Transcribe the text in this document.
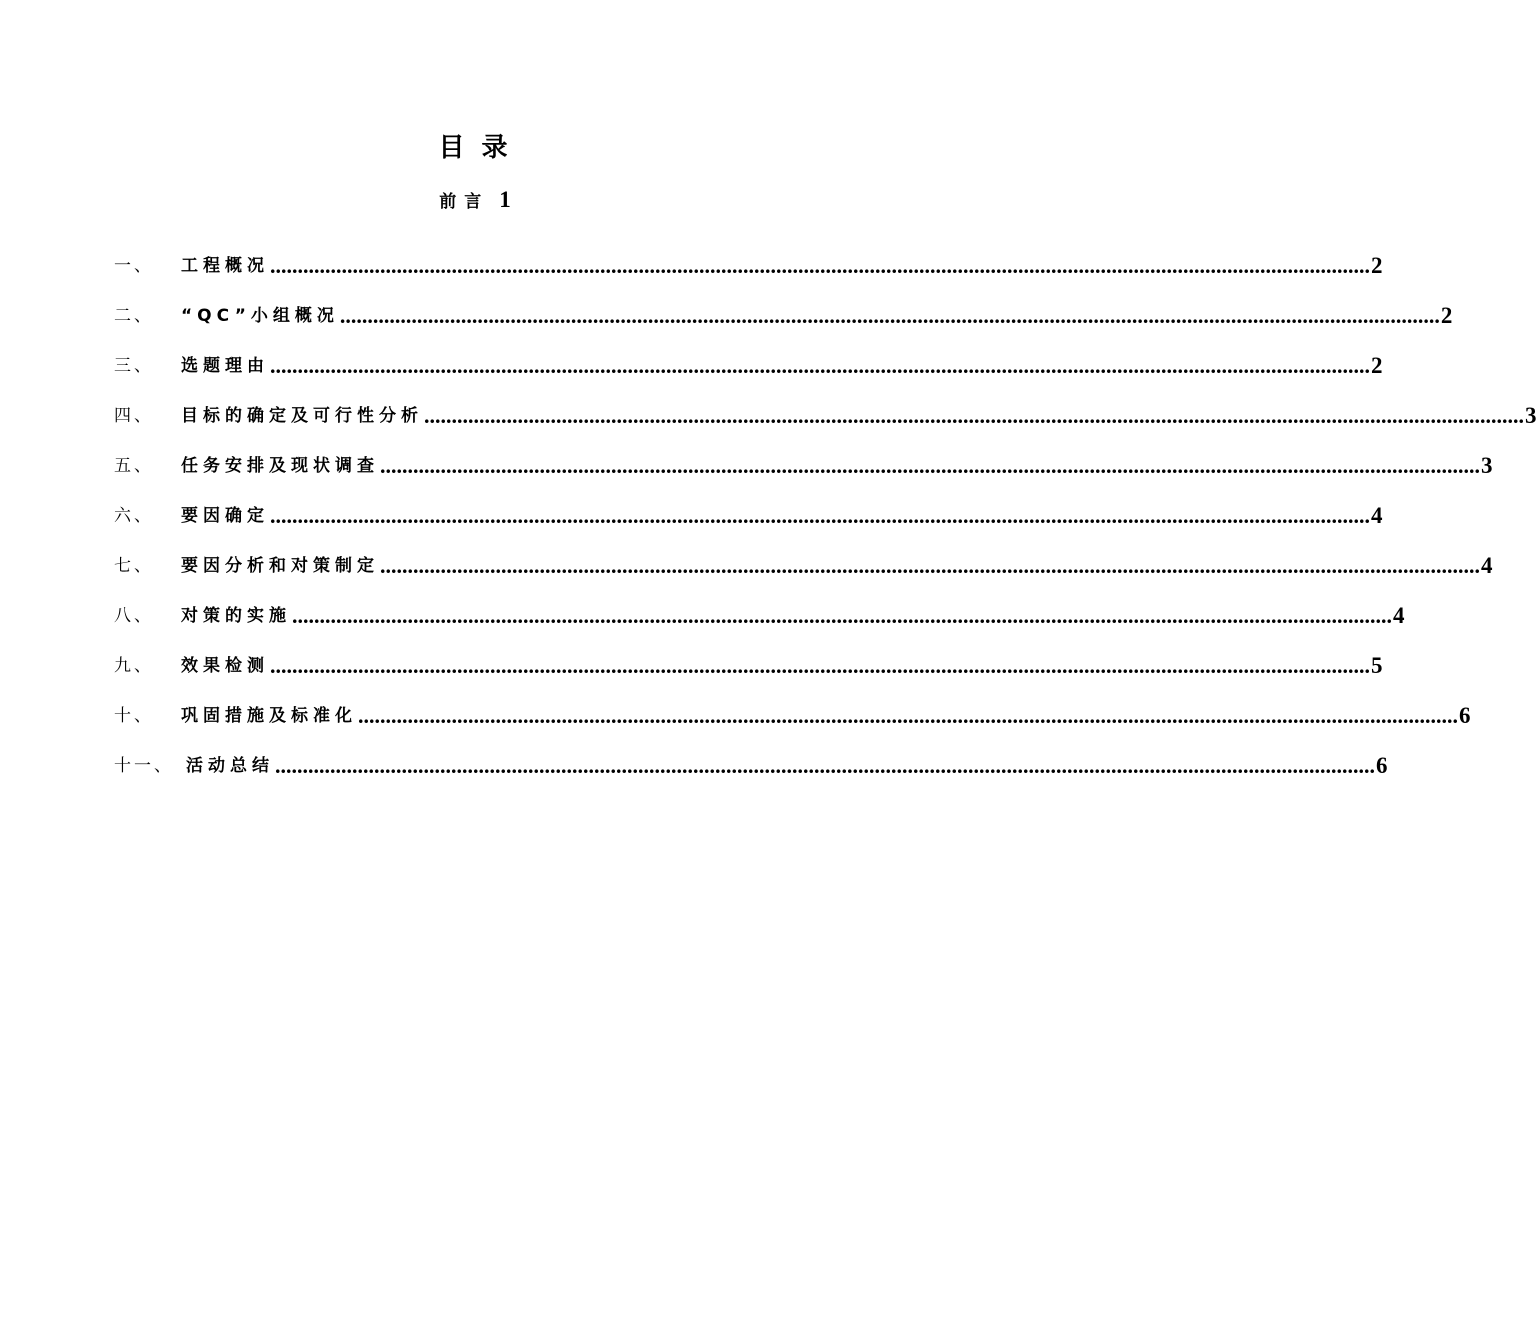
目 录
前言 1
一、	工程概况 ........................................................................................................................................................................................................ 2
二、	“QC”小组概况 ........................................................................................................................................................................................................ 2
三、	选题理由 ........................................................................................................................................................................................................ 2
四、	目标的确定及可行性分析 ........................................................................................................................................................................................................ 3
五、	任务安排及现状调查 ........................................................................................................................................................................................................ 3
六、	要因确定 ........................................................................................................................................................................................................ 4
七、	要因分析和对策制定 ........................................................................................................................................................................................................ 4
八、	对策的实施 ........................................................................................................................................................................................................ 4
九、	效果检测 ........................................................................................................................................................................................................ 5
十、	巩固措施及标准化 ........................................................................................................................................................................................................ 6
十一、 活动总结 ........................................................................................................................................................................................................ 6
